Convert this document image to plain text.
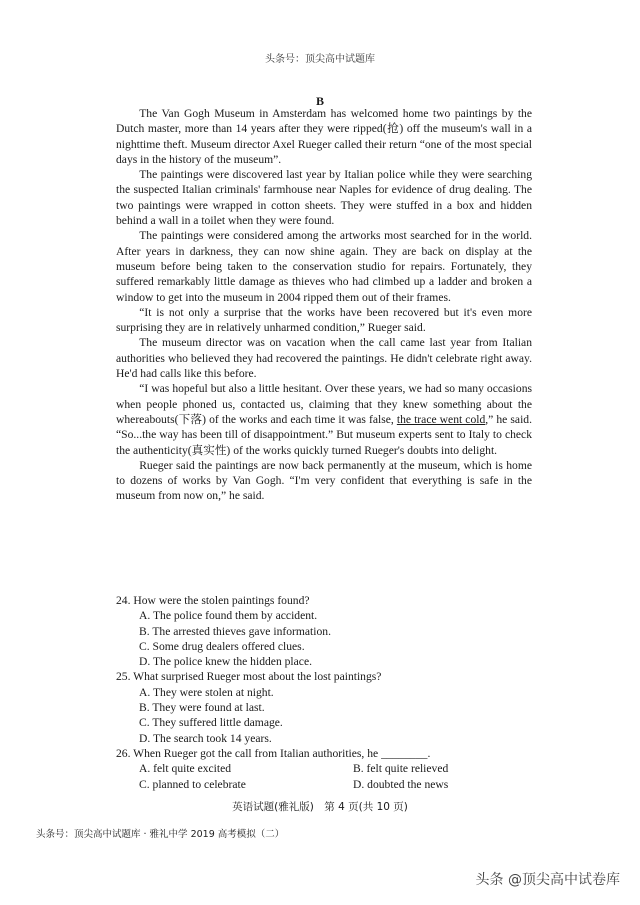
头条号：顶尖高中试题库
B

The Van Gogh Museum in Amsterdam has welcomed home two paintings by the Dutch master, more than 14 years after they were ripped(抢) off the museum's wall in a nighttime theft. Museum director Axel Rueger called their return “one of the most special days in the history of the museum”.

The paintings were discovered last year by Italian police while they were searching the suspected Italian criminals' farmhouse near Naples for evidence of drug dealing. The two paintings were wrapped in cotton sheets. They were stuffed in a box and hidden behind a wall in a toilet when they were found.

The paintings were considered among the artworks most searched for in the world. After years in darkness, they can now shine again. They are back on display at the museum before being taken to the conservation studio for repairs. Fortunately, they suffered remarkably little damage as thieves who had climbed up a ladder and broken a window to get into the museum in 2004 ripped them out of their frames.

“It is not only a surprise that the works have been recovered but it's even more surprising they are in relatively unharmed condition,” Rueger said.

The museum director was on vacation when the call came last year from Italian authorities who believed they had recovered the paintings. He didn't celebrate right away. He'd had calls like this before.

“I was hopeful but also a little hesitant. Over these years, we had so many occasions when people phoned us, contacted us, claiming that they knew something about the whereabouts(下落) of the works and each time it was false, the trace went cold,” he said. “So...the way has been till of disappointment.” But museum experts sent to Italy to check the authenticity(真实性) of the works quickly turned Rueger's doubts into delight.

Rueger said the paintings are now back permanently at the museum, which is home to dozens of works by Van Gogh. “I'm very confident that everything is safe in the museum from now on,” he said.

24. How were the stolen paintings found?

A. The police found them by accident.

B. The arrested thieves gave information.

C. Some drug dealers offered clues.

D. The police knew the hidden place.

25. What surprised Rueger most about the lost paintings?

A. They were stolen at night.

B. They were found at last.

C. They suffered little damage.

D. The search took 14 years.

26. When Rueger got the call from Italian authorities, he ________.

A. felt quite excited	B. felt quite relieved
C. planned to celebrate	D. doubted the news
英语试题(雅礼版)　第 4 页(共 10 页)
头条号：顶尖高中试题库 · 雅礼中学 2019 高考模拟（二）
头条 @顶尖高中试卷库
